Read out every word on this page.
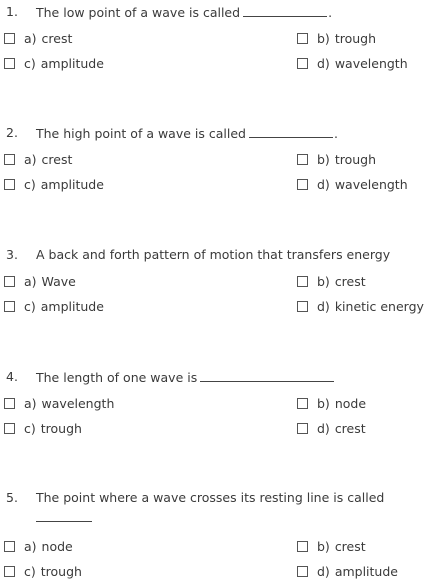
1. The low point of a wave is called	.
a) crest	b) trough
c) amplitude	d) wavelength
2. The high point of a wave is called	.
a) crest	b) trough
c) amplitude	d) wavelength
3. A back and forth pattern of motion that transfers energy
a) Wave	b) crest
c) amplitude	d) kinetic energy
4. The length of one wave is
a) wavelength	b) node
c) trough	d) crest
5. The point where a wave crosses its resting line is called
a) node	b) crest
c) trough	d) amplitude
